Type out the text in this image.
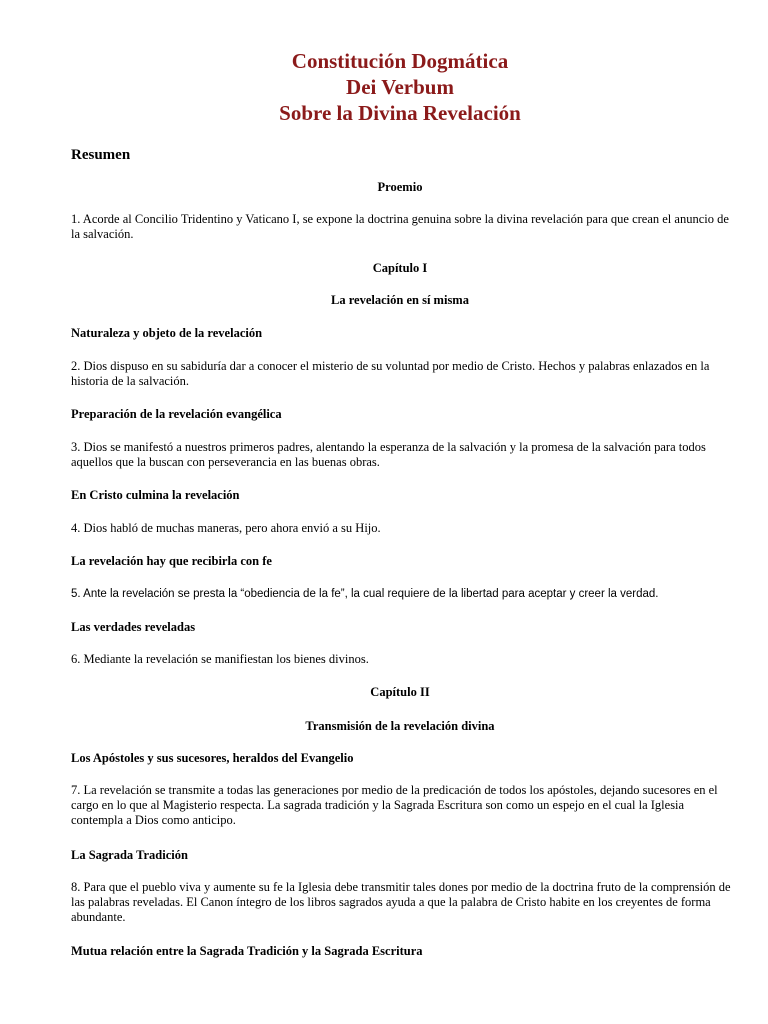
Constitución Dogmática
Dei Verbum
Sobre la Divina Revelación
Resumen
Proemio
1. Acorde al Concilio Tridentino y Vaticano I, se expone la doctrina genuina sobre la divina revelación para que crean el anuncio de la salvación.
Capítulo I
La revelación en sí misma
Naturaleza y objeto de la revelación
2. Dios dispuso en su sabiduría dar a conocer el misterio de su voluntad por medio de Cristo. Hechos y palabras enlazados en la historia de la salvación.
Preparación de la revelación evangélica
3. Dios se manifestó a nuestros primeros padres, alentando la esperanza de la salvación y la promesa de la salvación para todos aquellos que la buscan con perseverancia en las buenas obras.
En Cristo culmina la revelación
4. Dios habló de muchas maneras, pero ahora envió a su Hijo.
La revelación hay que recibirla con fe
5. Ante la revelación se presta la “obediencia de la fe”, la cual requiere de la libertad para aceptar y creer la verdad.
Las verdades reveladas
6. Mediante la revelación se manifiestan los bienes divinos.
Capítulo II
Transmisión de la revelación divina
Los Apóstoles y sus sucesores, heraldos del Evangelio
7. La revelación se transmite a todas las generaciones por medio de la predicación de todos los apóstoles, dejando sucesores en el cargo en lo que al Magisterio respecta. La sagrada tradición y la Sagrada Escritura son como un espejo en el cual la Iglesia contempla a Dios como anticipo.
La Sagrada Tradición
8. Para que el pueblo viva y aumente su fe la Iglesia debe transmitir tales dones por medio de la doctrina fruto de la comprensión de las palabras reveladas. El Canon íntegro de los libros sagrados ayuda a que la palabra de Cristo habite en los creyentes de forma abundante.
Mutua relación entre la Sagrada Tradición y la Sagrada Escritura
